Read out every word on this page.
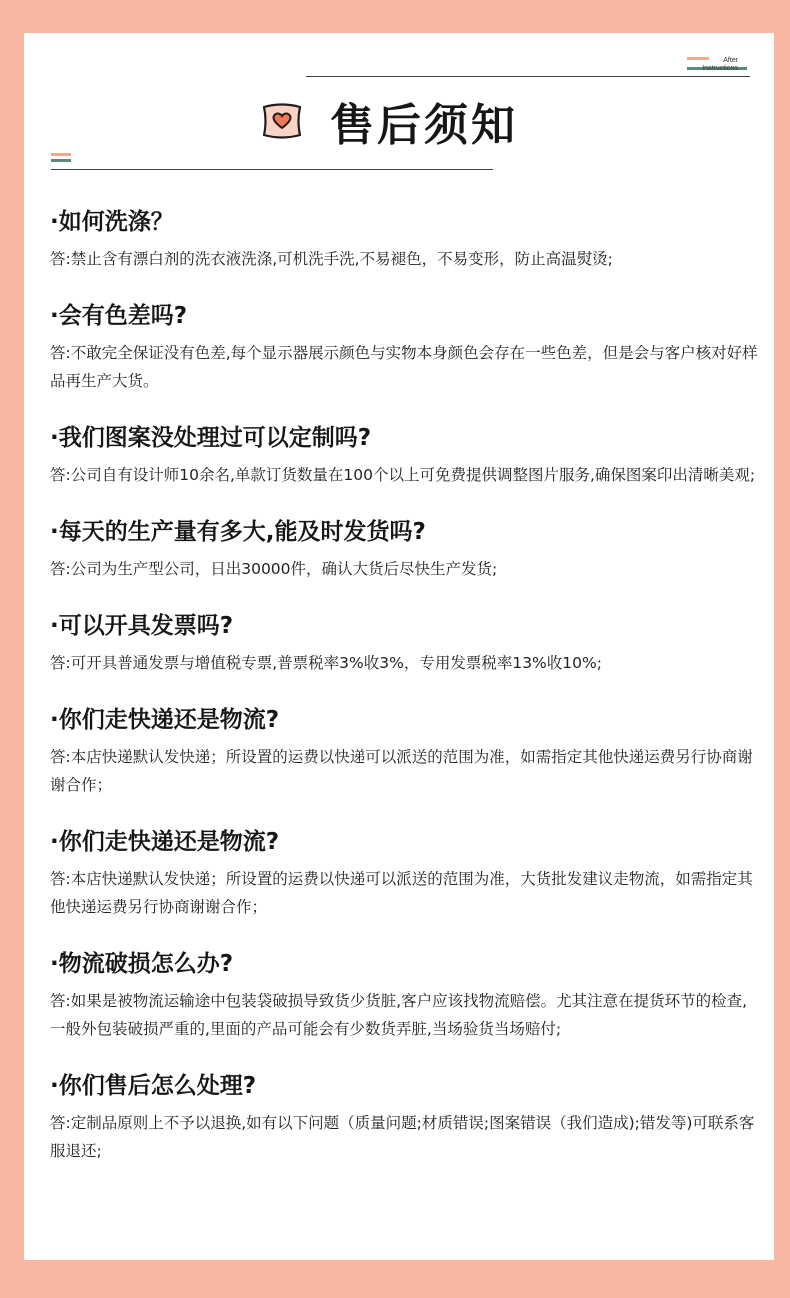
After
Instructions
售后须知
·如何洗涤？
答:禁止含有漂白剂的洗衣液洗涤,可机洗手洗,不易褪色，不易变形，防止高温熨烫;
·会有色差吗?
答:不敢完全保证没有色差,每个显示器展示颜色与实物本身颜色会存在一些色差，但是会与客户核对好样品再生产大货。
·我们图案没处理过可以定制吗?
答:公司自有设计师10余名,单款订货数量在100个以上可免费提供调整图片服务,确保图案印出清晰美观;
·每天的生产量有多大,能及时发货吗?
答:公司为生产型公司，日出30000件，确认大货后尽快生产发货;
·可以开具发票吗?
答:可开具普通发票与增值税专票,普票税率3%收3%，专用发票税率13%收10%;
·你们走快递还是物流?
答:本店快递默认发快递；所设置的运费以快递可以派送的范围为准，如需指定其他快递运费另行协商谢谢合作；
·你们走快递还是物流?
答:本店快递默认发快递；所设置的运费以快递可以派送的范围为准，大货批发建议走物流，如需指定其他快递运费另行协商谢谢合作；
·物流破损怎么办?
答:如果是被物流运输途中包装袋破损导致货少货脏,客户应该找物流赔偿。尤其注意在提货环节的检查,一般外包装破损严重的,里面的产品可能会有少数货弄脏,当场验货当场赔付;
·你们售后怎么处理?
答:定制品原则上不予以退换,如有以下问题（质量问题;材质错误;图案错误（我们造成);错发等)可联系客服退还;
